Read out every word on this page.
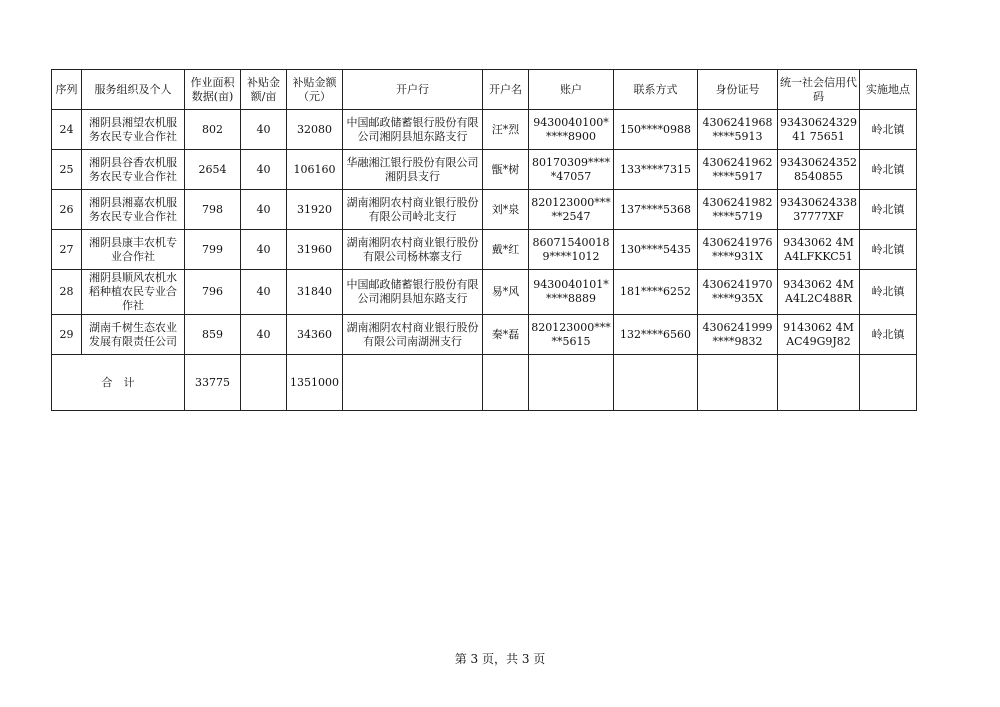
序列	服务组织及个人	作业面积数据(亩)	补贴金额/亩	补贴金额（元）	开户行	开户名	账户	联系方式	身份证号	统一社会信用代码	实施地点
24	湘阴县湘望农机服务农民专业合作社	802	40	32080	中国邮政储蓄银行股份有限公司湘阴县旭东路支行	汪*烈	9430040100*****8900	150****0988	4306241968****5913	9343062432941 75651	岭北镇
25	湘阴县谷香农机服务农民专业合作社	2654	40	106160	华融湘江银行股份有限公司湘阴县支行	甑*树	80170309*****47057	133****7315	4306241962****5917	93430624352 8540855	岭北镇
26	湘阴县湘嘉农机服务农民专业合作社	798	40	31920	湖南湘阴农村商业银行股份有限公司岭北支行	刘*泉	820123000*****2547	137****5368	4306241982****5719	93430624338 37777XF	岭北镇
27	湘阴县康丰农机专业合作社	799	40	31960	湖南湘阴农村商业银行股份有限公司杨林寨支行	戴*红	860715400189****1012	130****5435	4306241976****931X	9343062 4MA4LFKKC51	岭北镇
28	湘阴县顺风农机水稻种植农民专业合作社	796	40	31840	中国邮政储蓄银行股份有限公司湘阴县旭东路支行	易*风	9430040101*****8889	181****6252	4306241970****935X	9343062 4MA4L2C488R	岭北镇
29	湖南千树生态农业发展有限责任公司	859	40	34360	湖南湘阴农村商业银行股份有限公司南湖洲支行	秦*磊	820123000*****5615	132****6560	4306241999****9832	9143062 4MAC49G9J82	岭北镇
合　计		33775		1351000							
第 3 页，共 3 页
